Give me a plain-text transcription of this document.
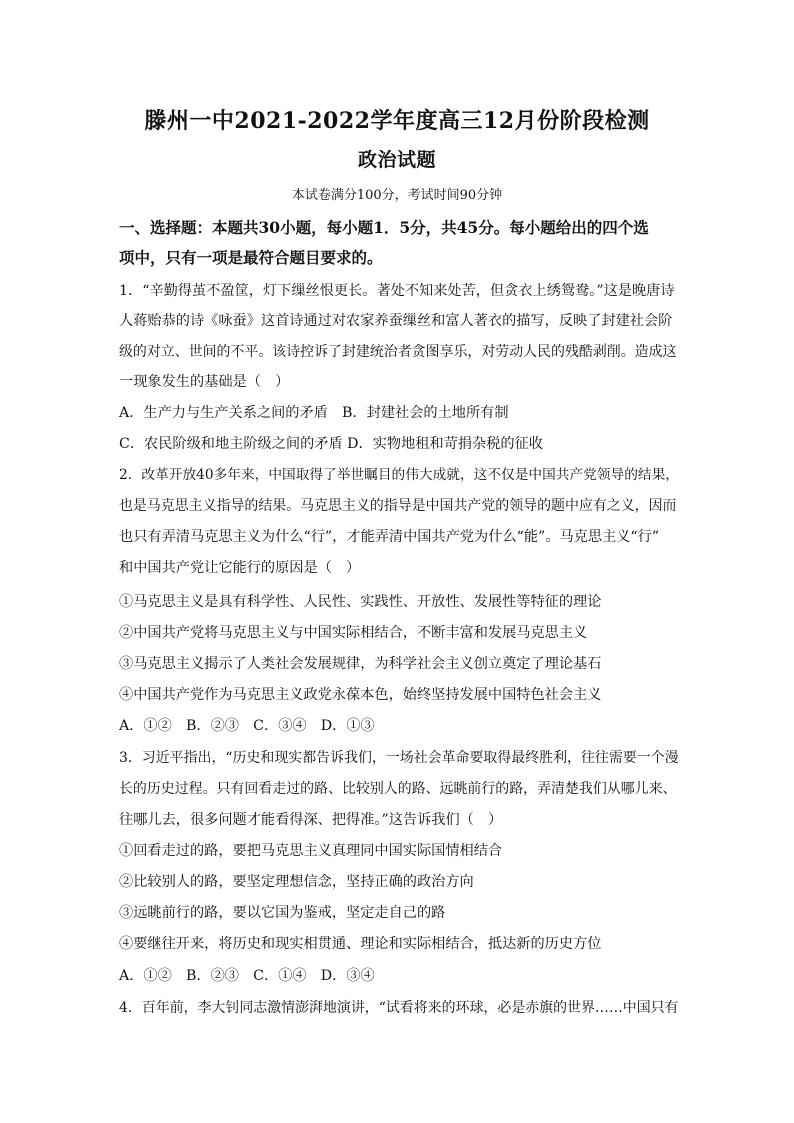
滕州一中2021-2022学年度高三12月份阶段检测
政治试题
本试卷满分100分，考试时间90分钟
一、选择题：本题共30小题，每小题1．5分，共45分。每小题给出的四个选
项中，只有一项是最符合题目要求的。
1．“辛勤得茧不盈筐，灯下缫丝恨更长。著处不知来处苦，但贪衣上绣鸳鸯。”这是晚唐诗
人蒋贻恭的诗《咏蚕》这首诗通过对农家养蚕缫丝和富人著衣的描写，反映了封建社会阶
级的对立、世间的不平。该诗控诉了封建统治者贪图享乐，对劳动人民的残酷剥削。造成这
一现象发生的基础是（　）
A．生产力与生产关系之间的矛盾　B．封建社会的土地所有制
C．农民阶级和地主阶级之间的矛盾 D．实物地租和苛捐杂税的征收
2．改革开放40多年来，中国取得了举世瞩目的伟大成就，这不仅是中国共产党领导的结果，
也是马克思主义指导的结果。马克思主义的指导是中国共产党的领导的题中应有之义，因而
也只有弄清马克思主义为什么“行”，才能弄清中国共产党为什么“能”。马克思主义“行”
和中国共产党让它能行的原因是（　）
①马克思主义是具有科学性、人民性、实践性、开放性、发展性等特征的理论
②中国共产党将马克思主义与中国实际相结合，不断丰富和发展马克思主义
③马克思主义揭示了人类社会发展规律，为科学社会主义创立奠定了理论基石
④中国共产党作为马克思主义政党永葆本色，始终坚持发展中国特色社会主义
A．①②　B．②③　C．③④　D．①③
3．习近平指出，“历史和现实都告诉我们，一场社会革命要取得最终胜利，往往需要一个漫
长的历史过程。只有回看走过的路、比较别人的路、远眺前行的路，弄清楚我们从哪儿来、
往哪儿去，很多问题才能看得深、把得准。”这告诉我们（　）
①回看走过的路，要把马克思主义真理同中国实际国情相结合
②比较别人的路，要坚定理想信念，坚持正确的政治方向
③远眺前行的路，要以它国为鉴戒，坚定走自己的路
④要继往开来，将历史和现实相贯通、理论和实际相结合，抵达新的历史方位
A．①②　B．②③　C．①④　D．③④
4．百年前，李大钊同志激情澎湃地演讲，“试看将来的环球，必是赤旗的世界……中国只有
